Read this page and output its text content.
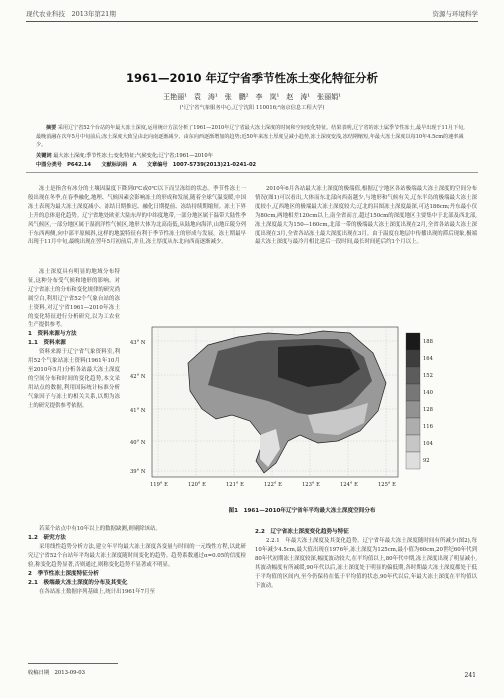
现代农业科技　2013年第21期	资源与环境科学
1961—2010 年辽宁省季节性冻土变化特征分析
王艳丽¹　袁　涛¹　张　鹏²　李　岚¹　赵　涛¹　张丽娟¹
(¹辽宁省气象服务中心,辽宁沈阳 110016;²南京信息工程大学)
摘要 采用辽宁省52个台站的年最大冻土深度,运用统计方法分析了1961—2010年辽宁省最大冻土深度的时间和空间变化特征。结果表明,辽宁省的冻土属季节性冻土,最早出现于11月下旬,最晚消融在次年5月中旬前后;冻土深度大致呈由北向南逐渐减少、由东向西逐渐增加的趋势;近50年来冻土厚度呈减小趋势,冻土深度变浅,冻结期缩短,年最大冻土深度以每10年4.5cm的速率减少。
关键词 最大冻土深度;季节性冻土;变化特征;气候变化;辽宁省;1961—2010年
中图分类号　P642.14　　文献标识码　A　　文章编号　1007-5739(2013)21-0241-02

冻土是指含有冰分的土壤因温度下降到0℃或0℃以下而呈冻结的状态。季节性冻土一般出现在冬季,在春季融化,地理、气候因素会影响冻土的形成和发展,随着全球气温变暖,中国冻土表现为最大冻土深度减小、冻结日期推迟、融化日期提前、冻结持续期缩短。冻土下界上升的总体退化趋势。辽宁省地处欧亚大陆东岸的中纬度地带,一部分地区属于温带大陆性季风气候区,一部分地区属于湿润洋性气候区,地形大体为北高南低,从陆地向海洋,山地丘陵分列于东西两侧,向中部平原倾斜,这样的地貌特征有利于季节性冻土的形成与发展。冻土期最早出现于11月中旬,最晚出现在翌年5月初前后,并且,冻土厚度从东北向西南逐渐减少。

2010年6月各站最大冻土深度的极端值,根据辽宁地区各站极端最大冻土深度的空间分布情况(图1)可以看出,大体而东北部向西南越少,与地形和气候有关,辽东半岛的极端最大冻土深度较小,辽西地区的极端最大冻土深度较大;辽北的昌图冻土深度最深,可达186cm;丹东最小仅为80cm,两地相差120cm以上,南全省而言,超过150cm的深度地区主要集中于北部及西北部,冻土深度最大为150—160cm,北部一带的极端最大冻土深度出现在2月,全省各站最大冻土深度出现在3月,全省各站冻土最大深度出现在3月。由于温度在地层中传播出现的滞后现象,极端最大冻土深度与最冷月相比延后一段时间,最长时间延后约1个月以上。

冻土深度具有明显的地域分布特征,这种分布受气候和地形的影响。对辽宁省冻土的分布和变化规律的研究尚属空白,利用辽宁省52个气象台站的冻土资料,对辽宁省1961—2010年冻土的变化特征进行分析研究,以为工农业生产提供参考。

1　资料来源与方法
1.1　资料来源

资料来源于辽宁省气象资料室,利用52个气象站冻土资料(1961年10月至2010年5月)分析各站最大冻土深度的空间分布和时间的变化趋势,本文采用站点的数据,利用国际统计标准分析气象因子与冻土的相关关系,以期为冻土的研究提供参考依据。

43° N
42° N
41° N
40° N
39° N
119° E	120° E	121° E	122° E	123° E	124° E	125° E
188
164
152
140
128
116
104
92
图1　1961—2010年辽宁省年平均最大冻土深度空间分布

若某个站点中有10年以上的数据缺测,则剔除该站。

1.2　研究方法

采用线性趋势分析方法,建立年平均最大冻土深度各变量与时间的一元线性方程,以此研究辽宁省52个台站年平均最大冻土深度随时间变化的趋势。趋势系数通过α=0.05的信度检验,称变化趋势显著,否则通过,则称变化趋势不显著或不明显。

2　季节性冻土深度特征分析
2.1　极端最大冻土深度的分布及其变化

在各站冻土数据序列基础上,统计出1961年7月至

2.2　辽宁省冻土深度变化趋势与特征

2.2.1　年最大冻土深度及其变化趋势。辽宁省年最大冻土深度随时间有所减少(图2),每10年减少4.5cm,最大值出现在1976年,冻土深度为125cm,最小值为60cm,20世纪60年代到80年代初期冻土深度较深,幅度波动较大,在平均值以上,80年代中期,冻土深度出现了明显减小,其波动幅度有所减缓,90年代以后,冻土深度处于明显的偏低期,各时期最大冻土深度都处于低于平均值的区间内,至今仍保持在低于平均值的状态,90年代以后,年最大冻土深度在平均值以下波动。

收稿日期　2013-09-03	241
